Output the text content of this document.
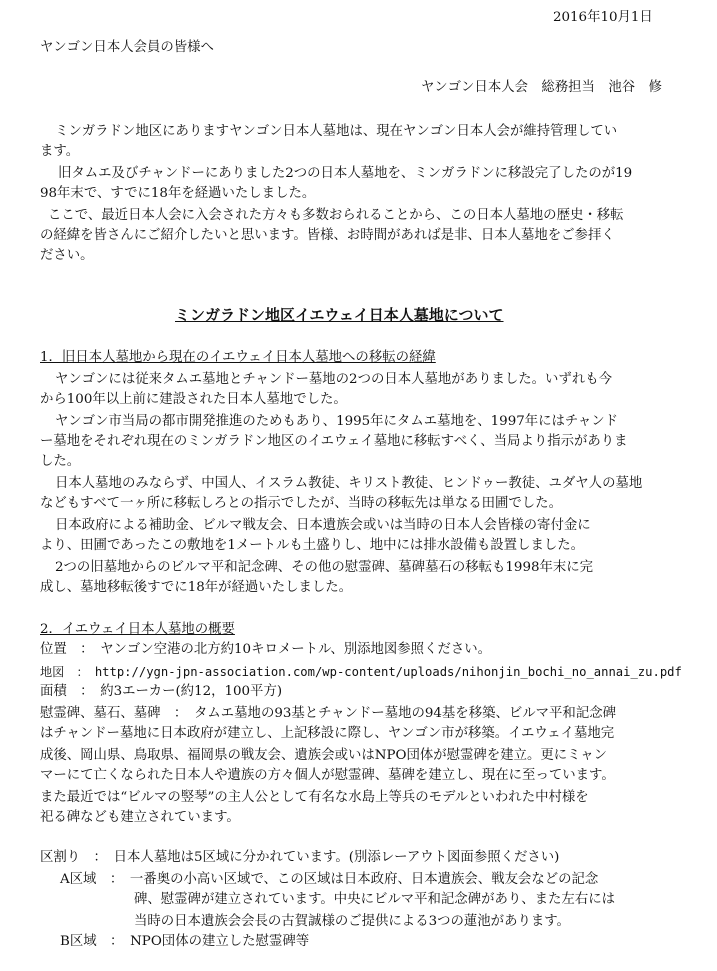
2016年10月1日
ヤンゴン日本人会員の皆様へ
ヤンゴン日本人会　総務担当　池谷　修
ミンガラドン地区にありますヤンゴン日本人墓地は、現在ヤンゴン日本人会が維持管理してい
ます。
旧タムエ及びチャンドーにありました2つの日本人墓地を、ミンガラドンに移設完了したのが19
98年末で、すでに18年を経過いたしました。
ここで、最近日本人会に入会された方々も多数おられることから、この日本人墓地の歴史・移転
の経緯を皆さんにご紹介したいと思います。皆様、お時間があれば是非、日本人墓地をご参拝く
ださい。
ミンガラドン地区イエウェイ日本人墓地について
1．旧日本人墓地から現在のイエウェイ日本人墓地への移転の経緯
ヤンゴンには従来タムエ墓地とチャンドー墓地の2つの日本人墓地がありました。いずれも今
から100年以上前に建設された日本人墓地でした。
ヤンゴン市当局の都市開発推進のためもあり、1995年にタムエ墓地を、1997年にはチャンド
ー墓地をそれぞれ現在のミンガラドン地区のイエウェイ墓地に移転すべく、当局より指示がありま
した。
日本人墓地のみならず、中国人、イスラム教徒、キリスト教徒、ヒンドゥー教徒、ユダヤ人の墓地
などもすべて一ヶ所に移転しろとの指示でしたが、当時の移転先は単なる田圃でした。
日本政府による補助金、ビルマ戦友会、日本遺族会或いは当時の日本人会皆様の寄付金に
より、田圃であったこの敷地を1メートルも土盛りし、地中には排水設備も設置しました。
2つの旧墓地からのビルマ平和記念碑、その他の慰霊碑、墓碑墓石の移転も1998年末に完
成し、墓地移転後すでに18年が経過いたしました。
2．イエウェイ日本人墓地の概要
位置　：　ヤンゴン空港の北方約10キロメートル、別添地図参照ください。
地図　：　http://ygn-jpn-association.com/wp-content/uploads/nihonjin_bochi_no_annai_zu.pdf
面積　：　約3エーカー(約12，100平方)
慰霊碑、墓石、墓碑　：　タムエ墓地の93基とチャンドー墓地の94基を移築、ビルマ平和記念碑
はチャンドー墓地に日本政府が建立し、上記移設に際し、ヤンゴン市が移築。イエウェイ墓地完
成後、岡山県、鳥取県、福岡県の戦友会、遺族会或いはNPO団体が慰霊碑を建立。更にミャン
マーにて亡くなられた日本人や遺族の方々個人が慰霊碑、墓碑を建立し、現在に至っています。
また最近では“ビルマの竪琴”の主人公として有名な水島上等兵のモデルといわれた中村様を
祀る碑なども建立されています。
区割り　：　日本人墓地は5区域に分かれています。(別添レーアウト図面参照ください)
A区域　：　一番奥の小高い区域で、この区域は日本政府、日本遺族会、戦友会などの記念
碑、慰霊碑が建立されています。中央にビルマ平和記念碑があり、また左右には
当時の日本遺族会会長の古賀誠様のご提供による3つの蓮池があります。
B区域　：　NPO団体の建立した慰霊碑等
